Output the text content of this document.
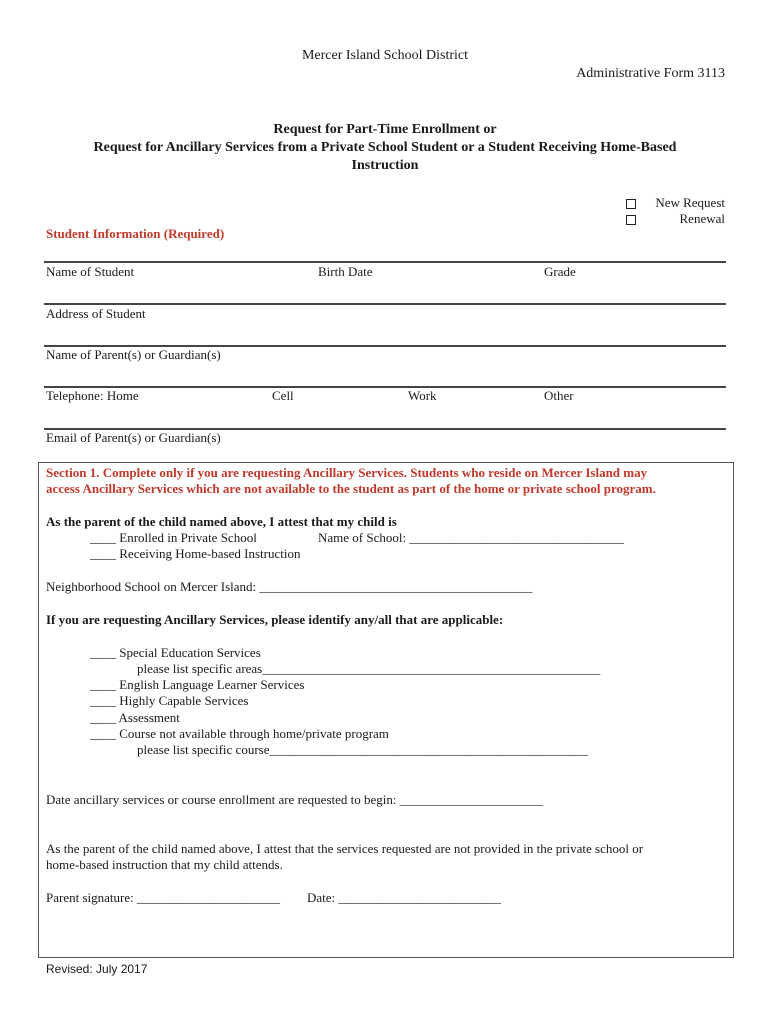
Mercer Island School District
Administrative Form 3113
Request for Part-Time Enrollment or
Request for Ancillary Services from a Private School Student or a Student Receiving Home-Based
Instruction
New Request
Renewal
Student Information (Required)
Name of Student	Birth Date	Grade
Address of Student
Name of Parent(s) or Guardian(s)
Telephone: Home	Cell	Work	Other
Email of Parent(s) or Guardian(s)
Section 1. Complete only if you are requesting Ancillary Services. Students who reside on Mercer Island may
access Ancillary Services which are not available to the student as part of the home or private school program.
As the parent of the child named above, I attest that my child is
____ Enrolled in Private School	Name of School: _________________________________
____ Receiving Home-based Instruction
Neighborhood School on Mercer Island: __________________________________________
If you are requesting Ancillary Services, please identify any/all that are applicable:
____ Special Education Services
please list specific areas____________________________________________________
____ English Language Learner Services
____ Highly Capable Services
____ Assessment
____ Course not available through home/private program
please list specific course_________________________________________________
Date ancillary services or course enrollment are requested to begin: ______________________
As the parent of the child named above, I attest that the services requested are not provided in the private school or
home-based instruction that my child attends.
Parent signature: ______________________ Date: _________________________
Revised: July 2017
